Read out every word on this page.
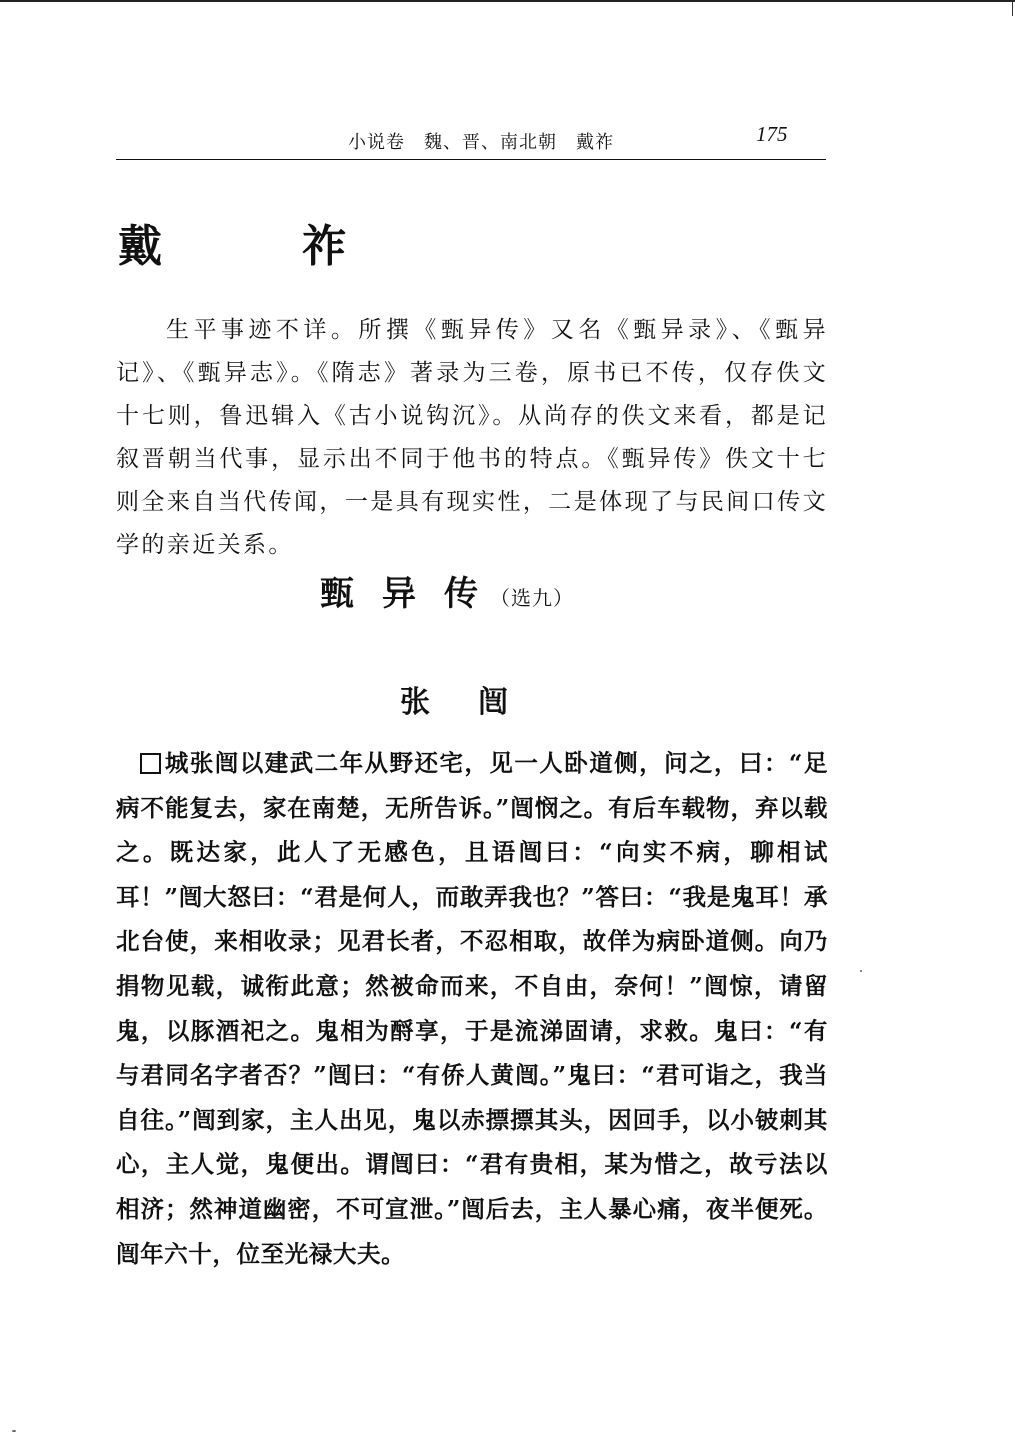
小说卷　魏、晋、南北朝　戴祚	175
戴　祚

生平事迹不详。所撰《甄异传》又名《甄异录》、《甄异记》、《甄异志》。《隋志》著录为三卷，原书已不传，仅存佚文十七则，鲁迅辑入《古小说钩沉》。从尚存的佚文来看，都是记叙晋朝当代事，显示出不同于他书的特点。《甄异传》佚文十七则全来自当代传闻，一是具有现实性，二是体现了与民间口传文学的亲近关系。

甄异传（选九）
张闿

城张闿以建武二年从野还宅，见一人卧道侧，问之，曰：“足病不能复去，家在南楚，无所告诉。”闿悯之。有后车载物，弃以载之。既达家，此人了无感色，且语闿曰：“向实不病，聊相试耳！”闿大怒曰：“君是何人，而敢弄我也？”答曰：“我是鬼耳！承北台使，来相收录；见君长者，不忍相取，故佯为病卧道侧。向乃捐物见载，诚衔此意；然被命而来，不自由，奈何！”闿惊，请留鬼，以豚酒祀之。鬼相为酹享，于是流涕固请，求救。鬼曰：“有与君同名字者否？”闿曰：“有侨人黄闿。”鬼曰：“君可诣之，我当自往。”闿到家，主人出见，鬼以赤摽摽其头，因回手，以小铍刺其心，主人觉，鬼便出。谓闿曰：“君有贵相，某为惜之，故亏法以相济；然神道幽密，不可宣泄。”闿后去，主人暴心痛，夜半便死。闿年六十，位至光禄大夫。
